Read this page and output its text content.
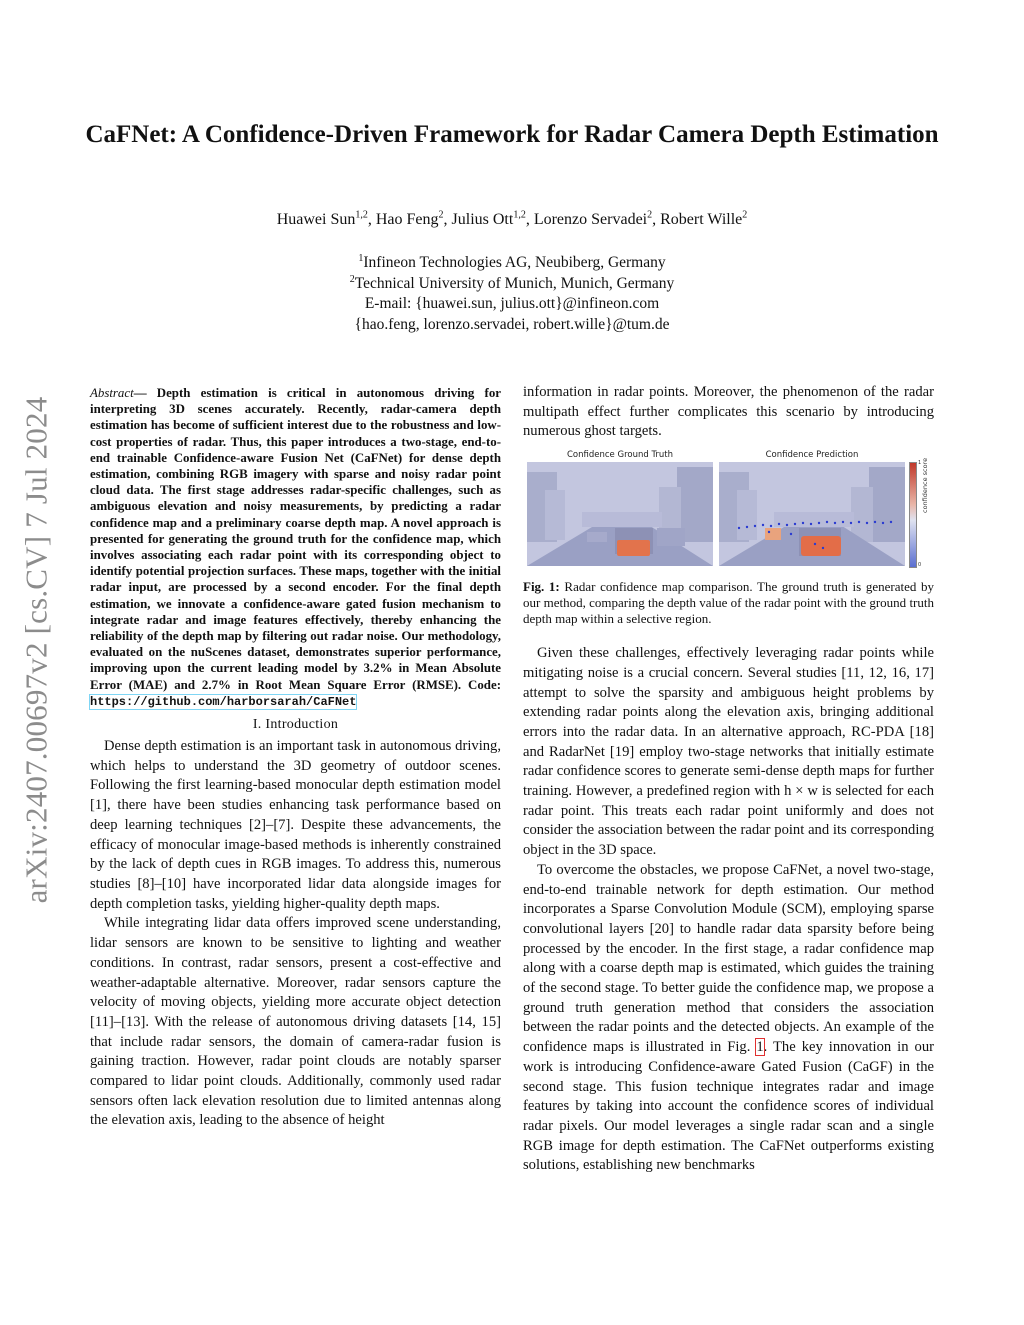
arXiv:2407.00697v2 [cs.CV] 7 Jul 2024
CaFNet: A Confidence-Driven Framework for Radar Camera Depth Estimation
Huawei Sun$^{1,2}$, Hao Feng$^2$, Julius Ott$^{1,2}$, Lorenzo Servadei$^2$, Robert Wille$^2$
$^1$Infineon Technologies AG, Neubiberg, Germany
$^2$Technical University of Munich, Munich, Germany
E-mail: {huawei.sun, julius.ott}@infineon.com
{hao.feng, lorenzo.servadei, robert.wille}@tum.de

Abstract— Depth estimation is critical in autonomous driving for interpreting 3D scenes accurately. Recently, radar-camera depth estimation has become of sufficient interest due to the robustness and low-cost properties of radar. Thus, this paper introduces a two-stage, end-to-end trainable Confidence-aware Fusion Net (CaFNet) for dense depth estimation, combining RGB imagery with sparse and noisy radar point cloud data. The first stage addresses radar-specific challenges, such as ambiguous elevation and noisy measurements, by predicting a radar confidence map and a preliminary coarse depth map. A novel approach is presented for generating the ground truth for the confidence map, which involves associating each radar point with its corresponding object to identify potential projection surfaces. These maps, together with the initial radar input, are processed by a second encoder. For the final depth estimation, we innovate a confidence-aware gated fusion mechanism to integrate radar and image features effectively, thereby enhancing the reliability of the depth map by filtering out radar noise. Our methodology, evaluated on the nuScenes dataset, demonstrates superior performance, improving upon the current leading model by 3.2% in Mean Absolute Error (MAE) and 2.7% in Root Mean Square Error (RMSE). Code: https://github.com/harborsarah/CaFNet

I. Introduction

Dense depth estimation is an important task in autonomous driving, which helps to understand the 3D geometry of outdoor scenes. Following the first learning-based monocular depth estimation model [1], there have been studies enhancing task performance based on deep learning techniques [2]–[7]. Despite these advancements, the efficacy of monocular image-based methods is inherently constrained by the lack of depth cues in RGB images. To address this, numerous studies [8]–[10] have incorporated lidar data alongside images for depth completion tasks, yielding higher-quality depth maps.

While integrating lidar data offers improved scene understanding, lidar sensors are known to be sensitive to lighting and weather conditions. In contrast, radar sensors, present a cost-effective and weather-adaptable alternative. Moreover, radar sensors capture the velocity of moving objects, yielding more accurate object detection [11]–[13]. With the release of autonomous driving datasets [14, 15] that include radar sensors, the domain of camera-radar fusion is gaining traction. However, radar point clouds are notably sparser compared to lidar point clouds. Additionally, commonly used radar sensors often lack elevation resolution due to limited antennas along the elevation axis, leading to the absence of height

information in radar points. Moreover, the phenomenon of the radar multipath effect further complicates this scenario by introducing numerous ghost targets.

Confidence Ground Truth	Confidence Prediction
1
0
confidence score

Fig. 1: Radar confidence map comparison. The ground truth is generated by our method, comparing the depth value of the radar point with the ground truth depth map within a selective region.

Given these challenges, effectively leveraging radar points while mitigating noise is a crucial concern. Several studies [11, 12, 16, 17] attempt to solve the sparsity and ambiguous height problems by extending radar points along the elevation axis, bringing additional errors into the radar data. In an alternative approach, RC-PDA [18] and RadarNet [19] employ two-stage networks that initially estimate radar confidence scores to generate semi-dense depth maps for further training. However, a predefined region with h × w is selected for each radar point. This treats each radar point uniformly and does not consider the association between the radar point and its corresponding object in the 3D space.

To overcome the obstacles, we propose CaFNet, a novel two-stage, end-to-end trainable network for depth estimation. Our method incorporates a Sparse Convolution Module (SCM), employing sparse convolutional layers [20] to handle radar data sparsity before being processed by the encoder. In the first stage, a radar confidence map along with a coarse depth map is estimated, which guides the training of the second stage. To better guide the confidence map, we propose a ground truth generation method that considers the association between the radar points and the detected objects. An example of the confidence maps is illustrated in Fig. 1. The key innovation in our work is introducing Confidence-aware Gated Fusion (CaGF) in the second stage. This fusion technique integrates radar and image features by taking into account the confidence scores of individual radar pixels. Our model leverages a single radar scan and a single RGB image for depth estimation. The CaFNet outperforms existing solutions, establishing new benchmarks
